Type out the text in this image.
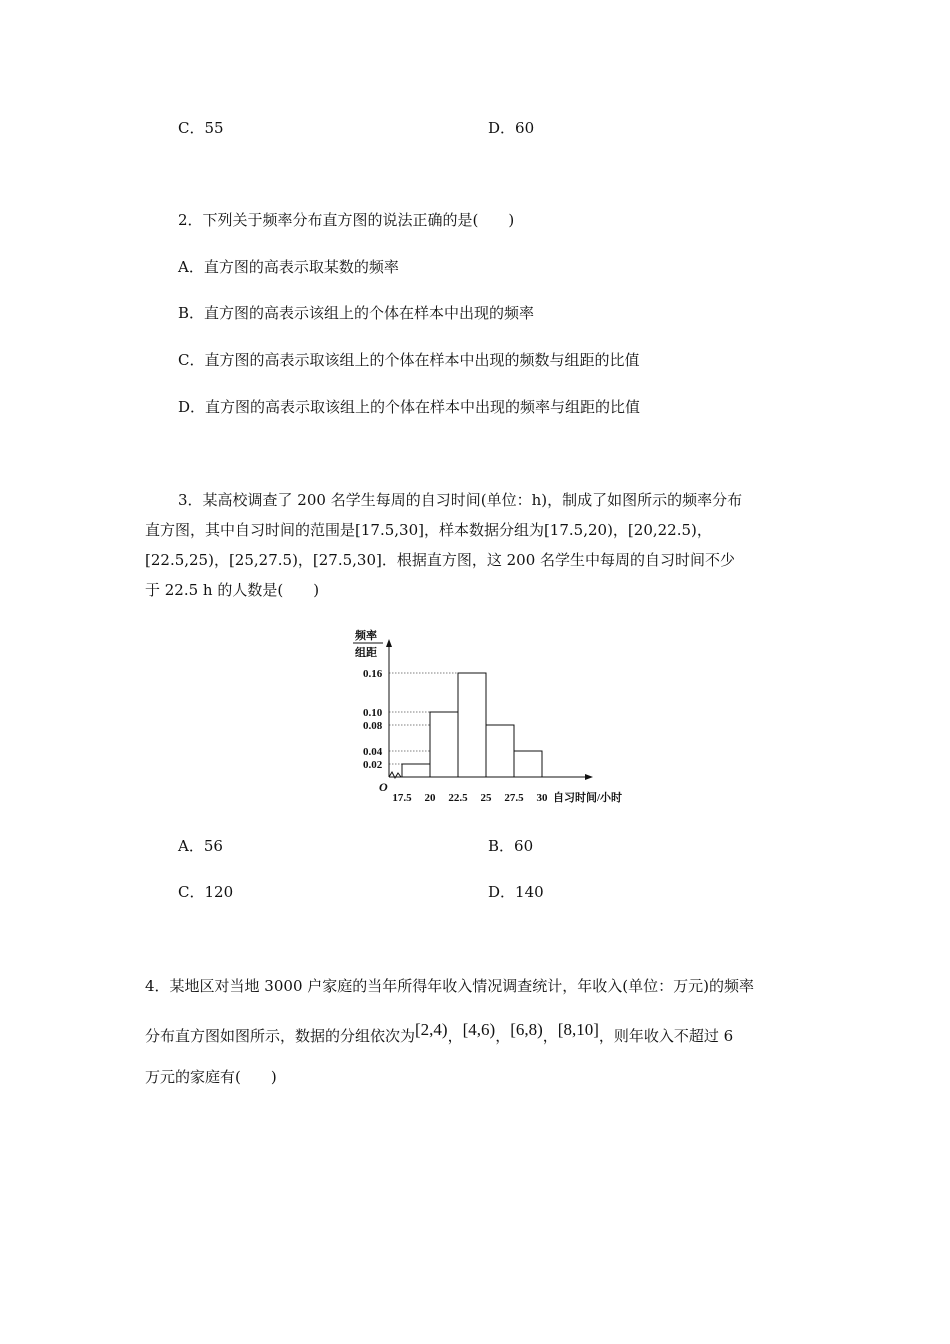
C．55	D．60
2．下列关于频率分布直方图的说法正确的是(　　)
A．直方图的高表示取某数的频率
B．直方图的高表示该组上的个体在样本中出现的频率
C．直方图的高表示取该组上的个体在样本中出现的频数与组距的比值
D．直方图的高表示取该组上的个体在样本中出现的频率与组距的比值
3．某高校调查了 200 名学生每周的自习时间(单位：h)，制成了如图所示的频率分布
直方图，其中自习时间的范围是[17.5,30]，样本数据分组为[17.5,20)，[20,22.5)，
[22.5,25)，[25,27.5)，[27.5,30]．根据直方图，这 200 名学生中每周的自习时间不少
于 22.5 h 的人数是(　　)
频率
组距
0.02
0.04
0.08
0.10
0.16
O
17.5 20 22.5 25 27.5 30 自习时间/小时
A．56	B．60
C．120	D．140
4．某地区对当地 3000 户家庭的当年所得年收入情况调查统计，年收入(单位：万元)的频率
分布直方图如图所示，数据的分组依次为[2,4)，[4,6)，[6,8)，[8,10]，则年收入不超过 6
万元的家庭有(　　)
